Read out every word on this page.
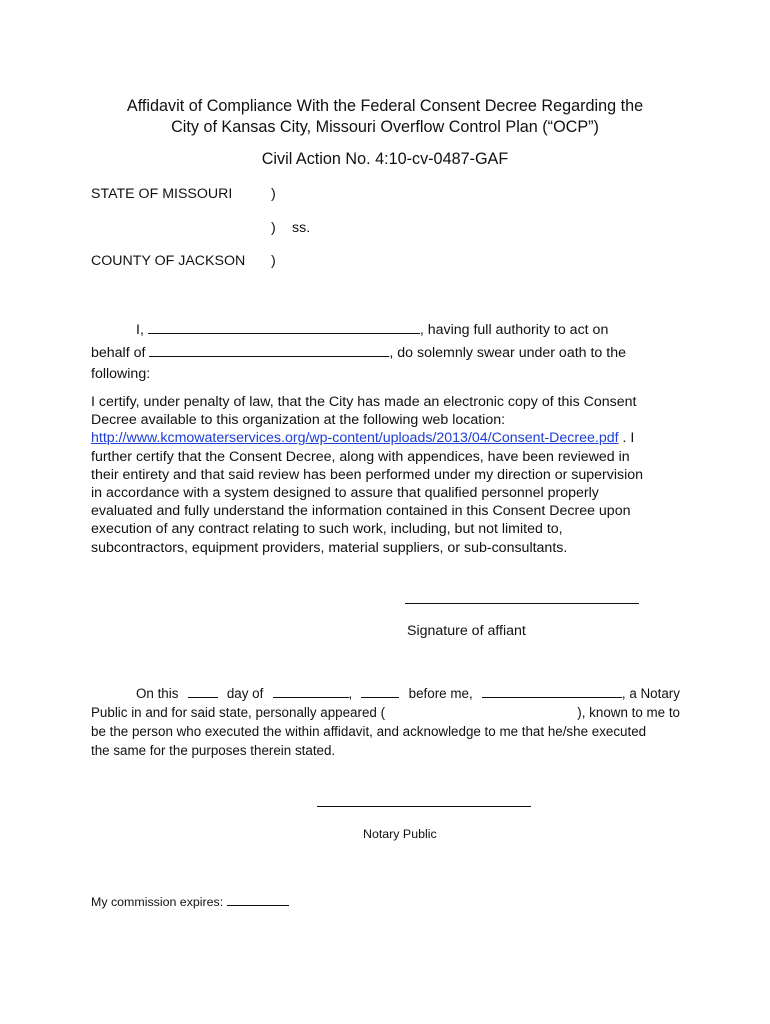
Affidavit of Compliance With the Federal Consent Decree Regarding the
City of Kansas City, Missouri Overflow Control Plan (“OCP”)
Civil Action No. 4:10-cv-0487-GAF
STATE OF MISSOURI	)
) ss.
COUNTY OF JACKSON )
I,	, having full authority to act on
behalf of	, do solemnly swear under oath to the
following:
I certify, under penalty of law, that the City has made an electronic copy of this Consent
Decree available to this organization at the following web location:
http://www.kcmowaterservices.org/wp-content/uploads/2013/04/Consent-Decree.pdf . I
further certify that the Consent Decree, along with appendices, have been reviewed in
their entirety and that said review has been performed under my direction or supervision
in accordance with a system designed to assure that qualified personnel properly
evaluated and fully understand the information contained in this Consent Decree upon
execution of any contract relating to such work, including, but not limited to,
subcontractors, equipment providers, material suppliers, or sub-consultants.
Signature of affiant
On this	day of	,	before me,	, a Notary
Public in and for said state, personally appeared (	), known to me to
be the person who executed the within affidavit, and acknowledge to me that he/she executed
the same for the purposes therein stated.
Notary Public
My commission expires:
